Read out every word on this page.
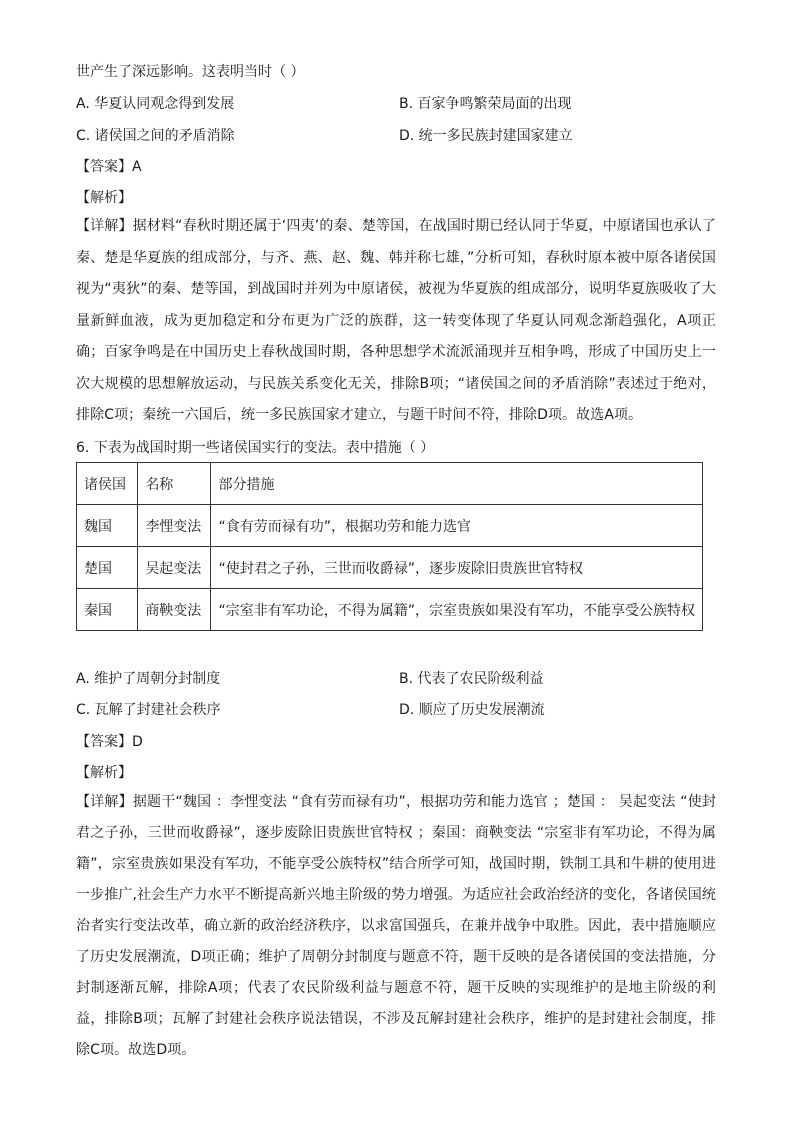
世产生了深远影响。这表明当时（ ）
A. 华夏认同观念得到发展	B. 百家争鸣繁荣局面的出现
C. 诸侯国之间的矛盾消除	D. 统一多民族封建国家建立
【答案】A
【解析】
【详解】据材料“春秋时期还属于‘四夷’的秦、楚等国，在战国时期已经认同于华夏，中原诸国也承认了秦、楚是华夏族的组成部分，与齐、燕、赵、魏、韩并称七雄，”分析可知，春秋时原本被中原各诸侯国视为“夷狄”的秦、楚等国，到战国时并列为中原诸侯，被视为华夏族的组成部分，说明华夏族吸收了大量新鲜血液，成为更加稳定和分布更为广泛的族群，这一转变体现了华夏认同观念渐趋强化，A项正确；百家争鸣是在中国历史上春秋战国时期，各种思想学术流派涌现并互相争鸣，形成了中国历史上一次大规模的思想解放运动，与民族关系变化无关，排除B项；“诸侯国之间的矛盾消除”表述过于绝对，排除C项；秦统一六国后，统一多民族国家才建立，与题干时间不符，排除D项。故选A项。
6. 下表为战国时期一些诸侯国实行的变法。表中措施（ ）
诸侯国	名称	部分措施
魏国	李悝变法	“食有劳而禄有功”，根据功劳和能力选官
楚国	吴起变法	“使封君之子孙，三世而收爵禄”，逐步废除旧贵族世官特权
秦国	商鞅变法	“宗室非有军功论，不得为属籍”，宗室贵族如果没有军功，不能享受公族特权
A. 维护了周朝分封制度	B. 代表了农民阶级利益
C. 瓦解了封建社会秩序	D. 顺应了历史发展潮流
【答案】D
【解析】
【详解】据题干“魏国 ：李悝变法 “食有劳而禄有功”，根据功劳和能力选官 ；楚国 ： 吴起变法 “使封君之子孙，三世而收爵禄”，逐步废除旧贵族世官特权 ；秦国：商鞅变法 “宗室非有军功论，不得为属籍”，宗室贵族如果没有军功，不能享受公族特权”结合所学可知，战国时期，铁制工具和牛耕的使用进一步推广,社会生产力水平不断提高新兴地主阶级的势力增强。为适应社会政治经济的变化，各诸侯国统治者实行变法改革，确立新的政治经济秩序，以求富国强兵，在兼并战争中取胜。因此，表中措施顺应了历史发展潮流，D项正确；维护了周朝分封制度与题意不符，题干反映的是各诸侯国的变法措施，分封制逐渐瓦解，排除A项；代表了农民阶级利益与题意不符，题干反映的实现维护的是地主阶级的利益，排除B项；瓦解了封建社会秩序说法错误，不涉及瓦解封建社会秩序，维护的是封建社会制度，排除C项。故选D项。
